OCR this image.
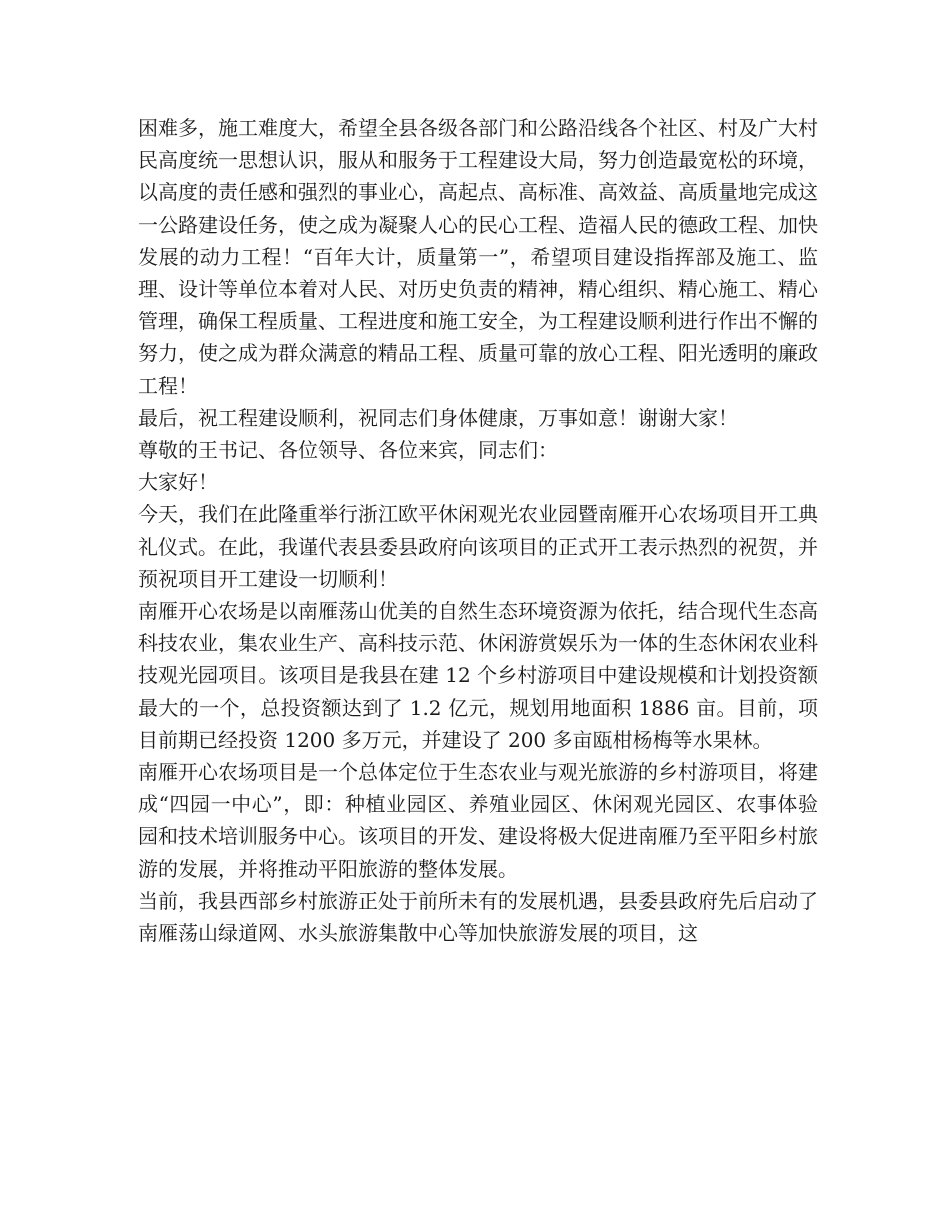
困难多，施工难度大，希望全县各级各部门和公路沿线各个社区、村及广大村民高度统一思想认识，服从和服务于工程建设大局，努力创造最宽松的环境，以高度的责任感和强烈的事业心，高起点、高标准、高效益、高质量地完成这一公路建设任务，使之成为凝聚人心的民心工程、造福人民的德政工程、加快发展的动力工程！“百年大计，质量第一”，希望项目建设指挥部及施工、监理、设计等单位本着对人民、对历史负责的精神，精心组织、精心施工、精心管理，确保工程质量、工程进度和施工安全，为工程建设顺利进行作出不懈的努力，使之成为群众满意的精品工程、质量可靠的放心工程、阳光透明的廉政工程！

最后，祝工程建设顺利，祝同志们身体健康，万事如意！谢谢大家！

尊敬的王书记、各位领导、各位来宾，同志们：

大家好！

今天，我们在此隆重举行浙江欧平休闲观光农业园暨南雁开心农场项目开工典礼仪式。在此，我谨代表县委县政府向该项目的正式开工表示热烈的祝贺，并预祝项目开工建设一切顺利！

南雁开心农场是以南雁荡山优美的自然生态环境资源为依托，结合现代生态高科技农业，集农业生产、高科技示范、休闲游赏娱乐为一体的生态休闲农业科技观光园项目。该项目是我县在建 12 个乡村游项目中建设规模和计划投资额最大的一个，总投资额达到了 1.2 亿元，规划用地面积 1886 亩。目前，项目前期已经投资 1200 多万元，并建设了 200 多亩瓯柑杨梅等水果林。

南雁开心农场项目是一个总体定位于生态农业与观光旅游的乡村游项目，将建成“四园一中心”，即：种植业园区、养殖业园区、休闲观光园区、农事体验园和技术培训服务中心。该项目的开发、建设将极大促进南雁乃至平阳乡村旅游的发展，并将推动平阳旅游的整体发展。

当前，我县西部乡村旅游正处于前所未有的发展机遇，县委县政府先后启动了南雁荡山绿道网、水头旅游集散中心等加快旅游发展的项目，这
